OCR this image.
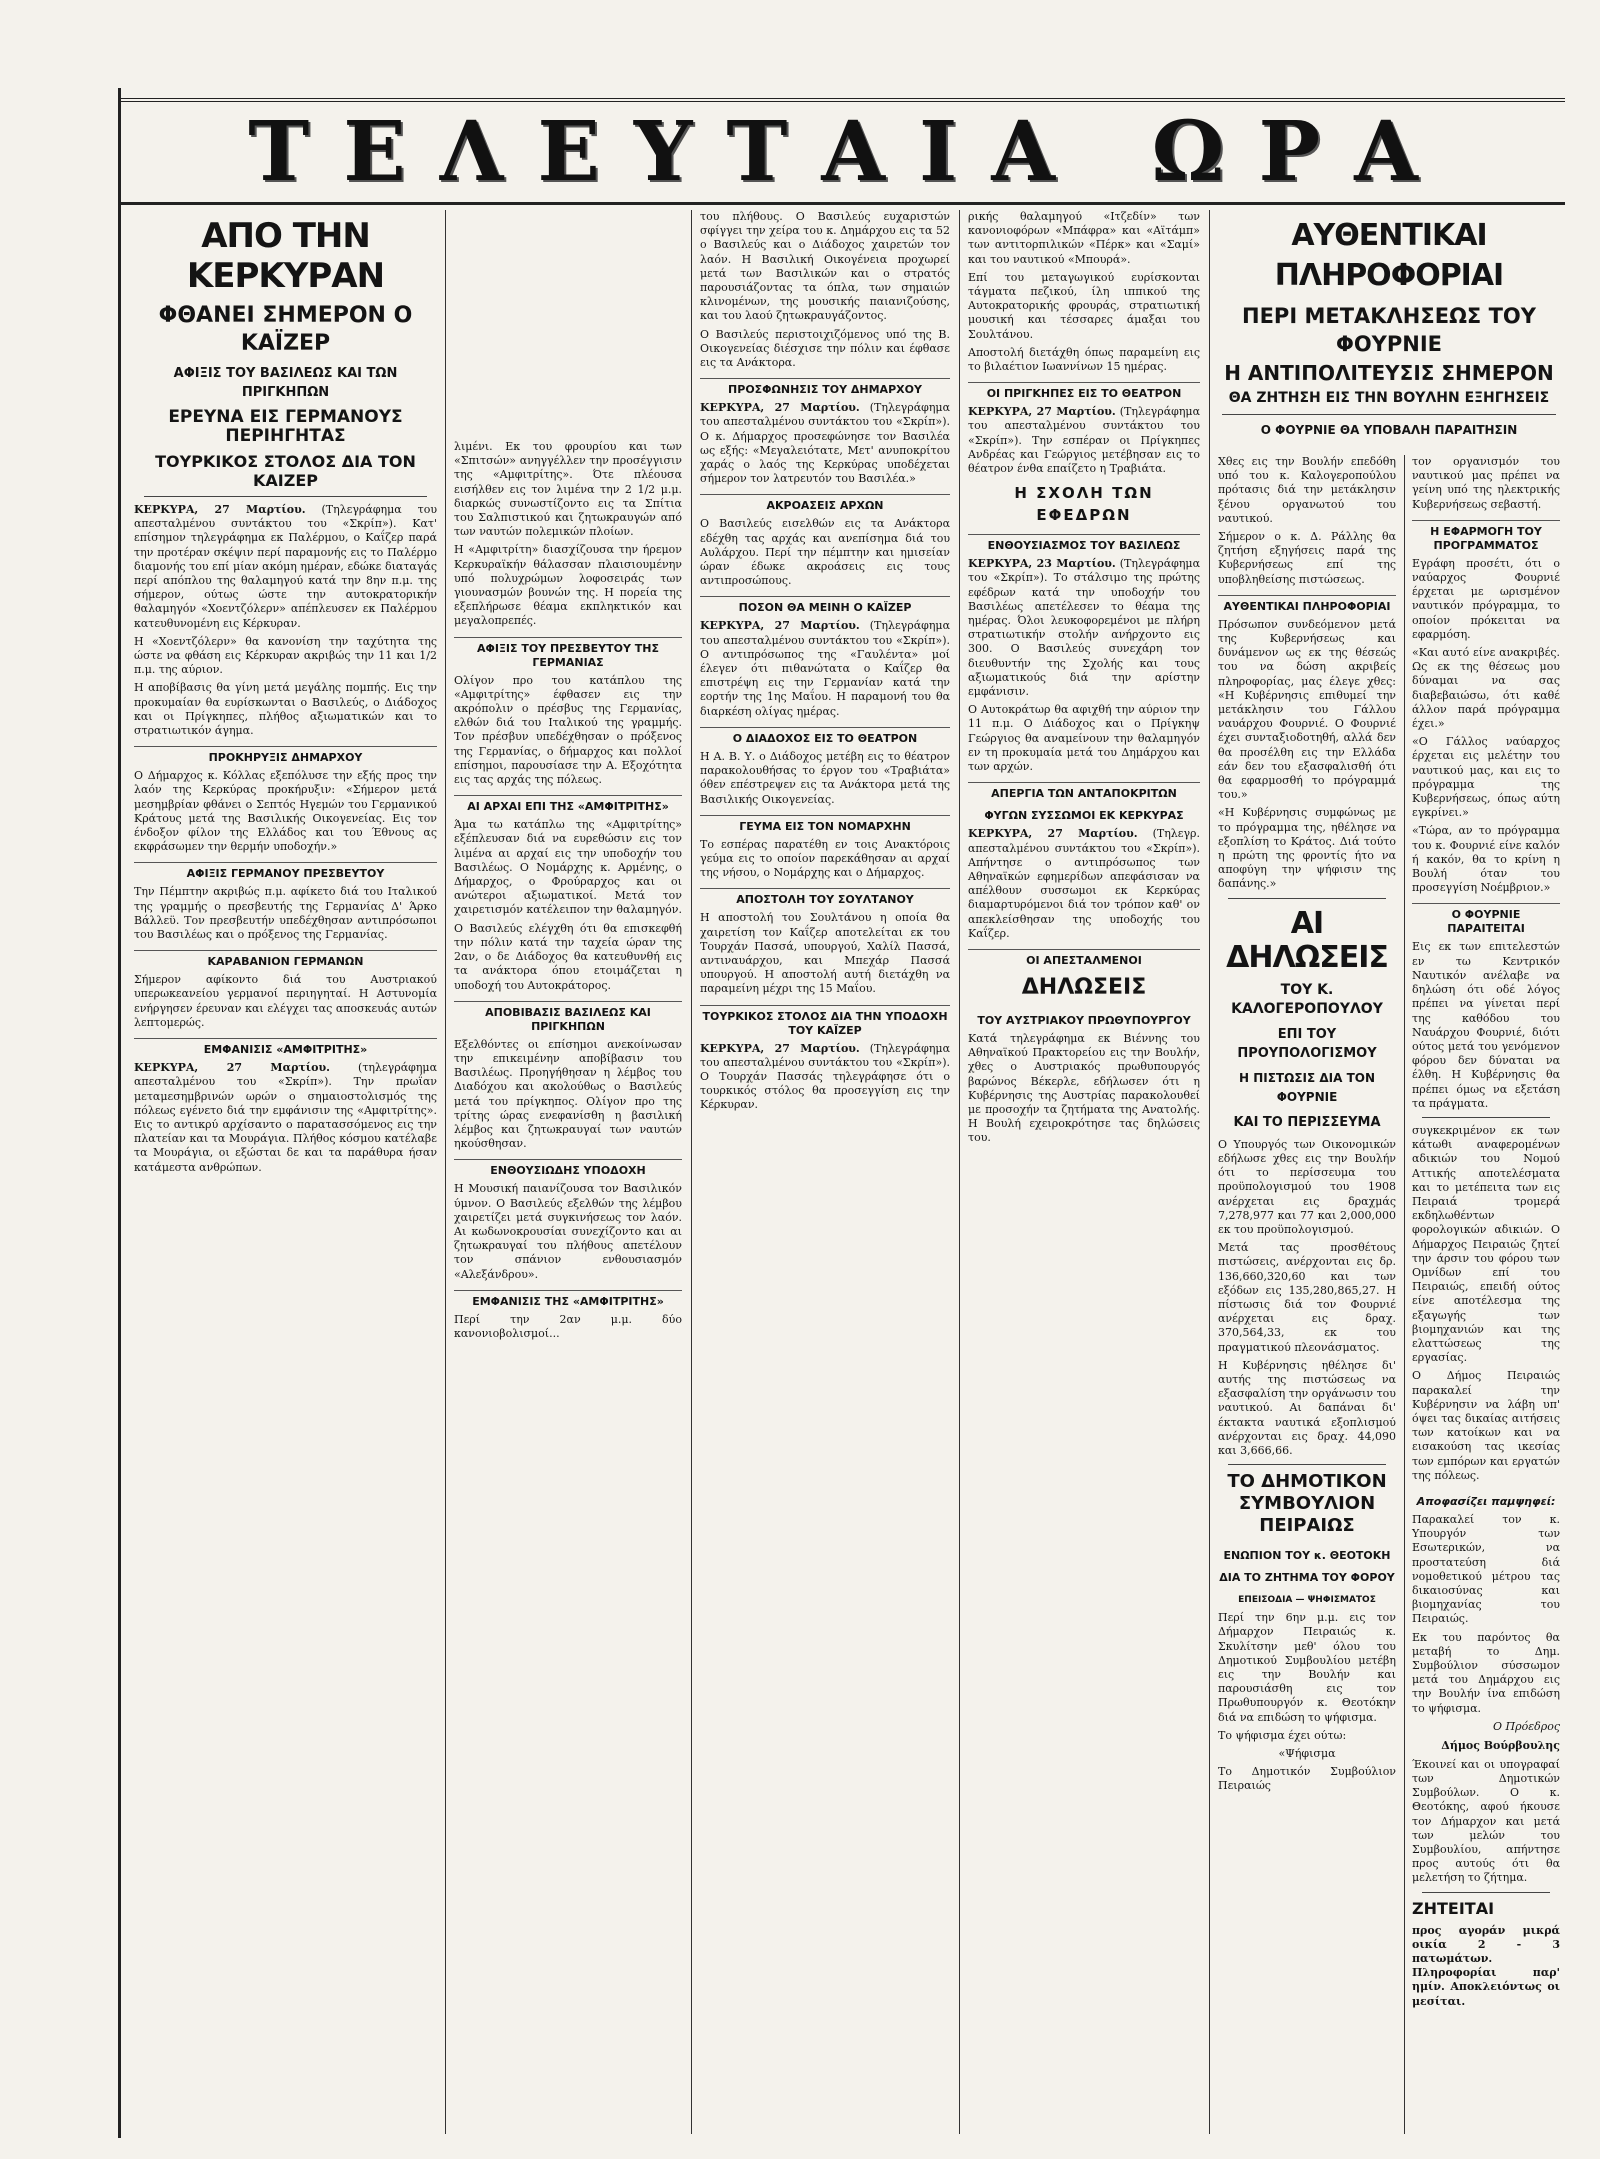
ΤΕΛΕΥΤΑΙΑ ΩΡΑ
ΑΠΟ ΤΗΝ ΚΕΡΚΥΡΑΝ
ΦΘΑΝΕΙ ΣΗΜΕΡΟΝ Ο ΚΑΪΖΕΡ
ΑΦΙΞΙΣ ΤΟΥ ΒΑΣΙΛΕΩΣ ΚΑΙ ΤΩΝ ΠΡΙΓΚΗΠΩΝ
ΕΡΕΥΝΑ ΕΙΣ ΓΕΡΜΑΝΟΥΣ ΠΕΡΙΗΓΗΤΑΣ
ΤΟΥΡΚΙΚΟΣ ΣΤΟΛΟΣ ΔΙΑ ΤΟΝ ΚΑΙΖΕΡ

ΚΕΡΚΥΡΑ, 27 Μαρτίου. (Τηλεγράφημα του απεσταλμένου συντάκτου του «Σκρίπ»). Κατ' επίσημον τηλεγράφημα εκ Παλέρμου, ο Καΐζερ παρά την προτέραν σκέψιν περί παραμονής εις το Παλέρμο διαμονής του επί μίαν ακόμη ημέραν, εδώκε διαταγάς περί απόπλου της θαλαμηγού κατά την 8ην π.μ. της σήμερον, ούτως ώστε την αυτοκρατορικήν θαλαμηγόν «Χοεντζόλερν» απέπλευσεν εκ Παλέρμου κατευθυνομένη εις Κέρκυραν.

Η «Χοεντζόλερν» θα κανονίση την ταχύτητα της ώστε να φθάση εις Κέρκυραν ακριβώς την 11 και 1/2 π.μ. της αύριον.

Η αποβίβασις θα γίνη μετά μεγάλης πομπής. Εις την προκυμαίαν θα ευρίσκωνται ο Βασιλεύς, ο Διάδοχος και οι Πρίγκηπες, πλήθος αξιωματικών και το στρατιωτικόν άγημα.

ΠΡΟΚΗΡΥΞΙΣ ΔΗΜΑΡΧΟΥ

Ο Δήμαρχος κ. Κόλλας εξεπόλυσε την εξής προς την λαόν της Κερκύρας προκήρυξιν: «Σήμερον μετά μεσημβρίαν φθάνει ο Σεπτός Ηγεμών του Γερμανικού Κράτους μετά της Βασιλικής Οικογενείας. Εις τον ένδοξον φίλον της Ελλάδος και του Έθνους ας εκφράσωμεν την θερμήν υποδοχήν.»

ΑΦΙΞΙΣ ΓΕΡΜΑΝΟΥ ΠΡΕΣΒΕΥΤΟΥ

Την Πέμπτην ακριβώς π.μ. αφίκετο διά του Ιταλικού της γραμμής ο πρεσβευτής της Γερμανίας Δ' Άρκο Βάλλεϋ. Τον πρεσβευτήν υπεδέχθησαν αντιπρόσωποι του Βασιλέως και ο πρόξενος της Γερμανίας.

ΚΑΡΑΒΑΝΙΟΝ ΓΕΡΜΑΝΩΝ

Σήμερον αφίκοντο διά του Αυστριακού υπερωκεανείου γερμανοί περιηγηταί. Η Αστυνομία ενήργησεν έρευναν και ελέγχει τας αποσκευάς αυτών λεπτομερώς.

ΕΜΦΑΝΙΣΙΣ «ΑΜΦΙΤΡΙΤΗΣ»

ΚΕΡΚΥΡΑ, 27 Μαρτίου.	(τηλεγράφημα απεσταλμένου του «Σκρίπ»). Την πρωΐαν μεταμεσημβρινών ωρών ο σημαιοστολισμός της πόλεως εγένετο διά την εμφάνισιν της «Αμφιτρίτης». Εις το αντικρύ αρχίσαντο ο παρατασσόμενος εις την πλατείαν και τα Μουράγια. Πλήθος κόσμου κατέλαβε τα Μουράγια, οι εξώσται δε και τα παράθυρα ήσαν κατάμεστα ανθρώπων.

λιμένι. Εκ του φρουρίου και των «Σπιτσών» ανηγγέλλεν την προσέγγισιν της «Αμφιτρίτης». Ότε πλέουσα εισήλθεν εις τον λιμένα την 2 1/2 μ.μ. διαρκώς συνωστίζοντο εις τα Σπίτια του Σαλπιστικού και ζητωκραυγών από των ναυτών πολεμικών πλοίων.

Η «Αμφιτρίτη» διασχίζουσα την ήρεμον Κερκυραϊκήν θάλασσαν πλαισιουμένην υπό πολυχρώμων λοφοσειράς των γιουνασμών βουνών της. Η πορεία της εξεπλήρωσε θέαμα εκπληκτικόν και μεγαλοπρεπές.

ΑΦΙΞΙΣ ΤΟΥ ΠΡΕΣΒΕΥΤΟΥ ΤΗΣ ΓΕΡΜΑΝΙΑΣ

Ολίγον προ του κατάπλου της «Αμφιτρίτης» έφθασεν εις την ακρόπολιν ο πρέσβυς της Γερμανίας, ελθών διά του Ιταλικού της γραμμής. Τον πρέσβυν υπεδέχθησαν ο πρόξενος της Γερμανίας, ο δήμαρχος και πολλοί επίσημοι, παρουσίασε την Α. Εξοχότητα εις τας αρχάς της πόλεως.

ΑΙ ΑΡΧΑΙ ΕΠΙ ΤΗΣ «ΑΜΦΙΤΡΙΤΗΣ»

Άμα τω κατάπλω της «Αμφιτρίτης» εξέπλευσαν διά να ευρεθώσιν εις τον λιμένα αι αρχαί εις την υποδοχήν του Βασιλέως. Ο Νομάρχης κ. Αρμένης, ο Δήμαρχος, ο Φρούραρχος και οι ανώτεροι αξιωματικοί. Μετά τον χαιρετισμόν κατέλειπον την θαλαμηγόν.

Ο Βασιλεύς ελέγχθη ότι θα επισκεφθή την πόλιν κατά την ταχεία ώραν της 2αν, ο δε Διάδοχος θα κατευθυνθή εις τα ανάκτορα όπου ετοιμάζεται η υποδοχή του Αυτοκράτορος.

ΑΠΟΒΙΒΑΣΙΣ ΒΑΣΙΛΕΩΣ ΚΑΙ ΠΡΙΓΚΗΠΩΝ

Εξελθόντες οι επίσημοι ανεκοίνωσαν την επικειμένην αποβίβασιν του Βασιλέως. Προηγήθησαν η λέμβος του Διαδόχου και ακολούθως ο Βασιλεύς μετά του πρίγκηπος. Ολίγον προ της τρίτης ώρας ενεφανίσθη η βασιλική λέμβος και ζητωκραυγαί των ναυτών ηκούσθησαν.

ΕΝΘΟΥΣΙΩΔΗΣ ΥΠΟΔΟΧΗ

Η Μουσική παιανίζουσα τον Βασιλικόν ύμνον. Ο Βασιλεύς εξελθών της λέμβου χαιρετίζει μετά συγκινήσεως τον λαόν. Αι κωδωνοκρουσίαι συνεχίζοντο και αι ζητωκραυγαί του πλήθους απετέλουν τον σπάνιον ενθουσιασμόν «Αλεξάνδρου».

ΕΜΦΑΝΙΣΙΣ ΤΗΣ «ΑΜΦΙΤΡΙΤΗΣ»

Περί την 2αν μ.μ. δύο κανονιοβολισμοί...

του πλήθους. Ο Βασιλεύς ευχαριστών σφίγγει την χείρα του κ. Δημάρχου εις τα 52 ο Βασιλεύς και ο Διάδοχος χαιρετών τον λαόν. Η Βασιλική Οικογένεια προχωρεί μετά των Βασιλικών και ο στρατός παρουσιάζοντας τα όπλα, των σημαιών κλινομένων, της μουσικής παιανιζούσης, και του λαού ζητωκραυγάζοντος.

Ο Βασιλεύς περιστοιχιζόμενος υπό της Β. Οικογενείας διέσχισε την πόλιν και έφθασε εις τα Ανάκτορα.

ΠΡΟΣΦΩΝΗΣΙΣ ΤΟΥ ΔΗΜΑΡΧΟΥ

ΚΕΡΚΥΡΑ, 27 Μαρτίου. (Τηλεγράφημα του απεσταλμένου συντάκτου του «Σκρίπ»). Ο κ. Δήμαρχος προσεφώνησε τον Βασιλέα ως εξής: «Μεγαλειότατε, Μετ' ανυποκρίτου χαράς ο λαός της Κερκύρας υποδέχεται σήμερον τον λατρευτόν του Βασιλέα.»

ΑΚΡΟΑΣΕΙΣ ΑΡΧΩΝ

Ο Βασιλεύς εισελθών εις τα Ανάκτορα εδέχθη τας αρχάς και ανεπίσημα διά του Αυλάρχου. Περί την πέμπτην και ημισείαν ώραν έδωκε ακροάσεις εις τους αντιπροσώπους.

ΠΟΣΟΝ ΘΑ ΜΕΙΝΗ Ο ΚΑΪΖΕΡ

ΚΕΡΚΥΡΑ, 27 Μαρτίου. (Τηλεγράφημα του απεσταλμένου συντάκτου του «Σκρίπ»). Ο αντιπρόσωπος της «Γαυλέντα» μοί έλεγεν ότι πιθανώτατα ο Καΐζερ θα επιστρέψη εις την Γερμανίαν κατά την εορτήν της 1ης Μαΐου. Η παραμονή του θα διαρκέση ολίγας ημέρας.

Ο ΔΙΑΔΟΧΟΣ ΕΙΣ ΤΟ ΘΕΑΤΡΟΝ

Η Α. Β. Υ. ο Διάδοχος μετέβη εις το θέατρον παρακολουθήσας το έργον του «Τραβιάτα» όθεν επέστρεψεν εις τα Ανάκτορα μετά της Βασιλικής Οικογενείας.

ΓΕΥΜΑ ΕΙΣ ΤΟΝ ΝΟΜΑΡΧΗΝ

Το εσπέρας παρατέθη εν τοις Ανακτόροις γεύμα εις το οποίον παρεκάθησαν αι αρχαί της νήσου, ο Νομάρχης και ο Δήμαρχος.

ΑΠΟΣΤΟΛΗ ΤΟΥ ΣΟΥΛΤΑΝΟΥ

Η αποστολή του Σουλτάνου η οποία θα χαιρετίση τον Καΐζερ αποτελείται εκ του Τουρχάν Πασσά, υπουργού, Χαλίλ Πασσά, αντιναυάρχου, και Μπεχάρ Πασσά υπουργού. Η αποστολή αυτή διετάχθη να παραμείνη μέχρι της 15 Μαΐου.

ΤΟΥΡΚΙΚΟΣ ΣΤΟΛΟΣ ΔΙΑ ΤΗΝ ΥΠΟΔΟΧΗ ΤΟΥ ΚΑΪΖΕΡ

ΚΕΡΚΥΡΑ, 27 Μαρτίου. (Τηλεγράφημα του απεσταλμένου συντάκτου του «Σκρίπ»). Ο Τουρχάν Πασσάς τηλεγράφησε ότι ο τουρκικός στόλος θα προσεγγίση εις την Κέρκυραν.

ρικής θαλαμηγού «Ιτζεδίν» των κανονιοφόρων «Μπάφρα» και «Αϊτάμπ» των αντιτορπιλικών «Πέρκ» και «Σαμί» και του ναυτικού «Μπουρά».

Επί του μεταγωγικού ευρίσκονται τάγματα πεζικού, ίλη ιππικού της Αυτοκρατορικής φρουράς, στρατιωτική μουσική και τέσσαρες άμαξαι του Σουλτάνου.

Αποστολή διετάχθη όπως παραμείνη εις το βιλαέτιον Ιωαννίνων 15 ημέρας.

ΟΙ ΠΡΙΓΚΗΠΕΣ ΕΙΣ ΤΟ ΘΕΑΤΡΟΝ

ΚΕΡΚΥΡΑ, 27 Μαρτίου. (Τηλεγράφημα του απεσταλμένου συντάκτου του «Σκρίπ»). Την εσπέραν οι Πρίγκηπες Ανδρέας και Γεώργιος μετέβησαν εις το θέατρον ένθα επαίζετο η Τραβιάτα.

Η ΣΧΟΛΗ ΤΩΝ ΕΦΕΔΡΩΝ
ΕΝΘΟΥΣΙΑΣΜΟΣ ΤΟΥ ΒΑΣΙΛΕΩΣ

ΚΕΡΚΥΡΑ, 23 Μαρτίου. (Τηλεγράφημα του «Σκρίπ»). Το στάλσιμο της πρώτης εφέδρων κατά την υποδοχήν του Βασιλέως απετέλεσεν το θέαμα της ημέρας. Όλοι λευκοφορεμένοι με πλήρη στρατιωτικήν στολήν ανήρχοντο εις 300. Ο Βασιλεύς συνεχάρη τον διευθυντήν της Σχολής και τους αξιωματικούς διά την αρίστην εμφάνισιν.

Ο Αυτοκράτωρ θα αφιχθή την αύριον την 11 π.μ. Ο Διάδοχος και ο Πρίγκηψ Γεώργιος θα αναμείνουν την θαλαμηγόν εν τη προκυμαία μετά του Δημάρχου και των αρχών.

ΑΠΕΡΓΙΑ ΤΩΝ ΑΝΤΑΠΟΚΡΙΤΩΝ
ΦΥΓΩΝ ΣΥΣΣΩΜΟΙ ΕΚ ΚΕΡΚΥΡΑΣ

ΚΕΡΚΥΡΑ, 27 Μαρτίου. (Τηλεγρ. απεσταλμένου συντάκτου του «Σκρίπ»). Απήντησε ο αντιπρόσωπος των Αθηναϊκών εφημερίδων απεφάσισαν να απέλθουν συσσωμοι εκ Κερκύρας διαμαρτυρόμενοι διά τον τρόπον καθ' ον απεκλείσθησαν της υποδοχής του Καΐζερ.

ΟΙ ΑΠΕΣΤΑΛΜΕΝΟΙ
ΔΗΛΩΣΕΙΣ
ΤΟΥ ΑΥΣΤΡΙΑΚΟΥ ΠΡΩΘΥΠΟΥΡΓΟΥ

Κατά τηλεγράφημα εκ Βιέννης του Αθηναϊκού Πρακτορείου εις την Βουλήν, χθες ο Αυστριακός πρωθυπουργός βαρώνος Βέκερλε, εδήλωσεν ότι η Κυβέρνησις της Αυστρίας παρακολουθεί με προσοχήν τα ζητήματα της Ανατολής. Η Βουλή εχειροκρότησε τας δηλώσεις του.

ΑΥΘΕΝΤΙΚΑΙ ΠΛΗΡΟΦΟΡΙΑΙ
ΠΕΡΙ ΜΕΤΑΚΛΗΣΕΩΣ ΤΟΥ ΦΟΥΡΝΙΕ
Η ΑΝΤΙΠΟΛΙΤΕΥΣΙΣ ΣΗΜΕΡΟΝ
ΘΑ ΖΗΤΗΣΗ ΕΙΣ ΤΗΝ ΒΟΥΛΗΝ ΕΞΗΓΗΣΕΙΣ
Ο ΦΟΥΡΝΙΕ ΘΑ ΥΠΟΒΑΛΗ ΠΑΡΑΙΤΗΣΙΝ

Χθες εις την Βουλήν επεδόθη υπό του κ. Καλογεροπούλου πρότασις διά την μετάκλησιν ξένου οργανωτού του ναυτικού.

Σήμερον ο κ. Δ. Ράλλης θα ζητήση εξηγήσεις παρά της Κυβερνήσεως επί της υποβληθείσης πιστώσεως.

ΑΥΘΕΝΤΙΚΑΙ ΠΛΗΡΟΦΟΡΙΑΙ

Πρόσωπον συνδεόμενον μετά της Κυβερνήσεως και δυνάμενον ως εκ της θέσεώς του να δώση ακριβείς πληροφορίας, μας έλεγε χθες: «Η Κυβέρνησις επιθυμεί την μετάκλησιν του Γάλλου ναυάρχου Φουρνιέ. Ο Φουρνιέ έχει συνταξιοδοτηθή, αλλά δεν θα προσέλθη εις την Ελλάδα εάν δεν του εξασφαλισθή ότι θα εφαρμοσθή το πρόγραμμά του.»

«Η Κυβέρνησις συμφώνως με το πρόγραμμα της, ηθέλησε να εξοπλίση το Κράτος. Διά τούτο η πρώτη της φροντίς ήτο να αποφύγη την ψήφισιν της δαπάνης.»

ΑΙ ΔΗΛΩΣΕΙΣ
ΤΟΥ Κ. ΚΑΛΟΓΕΡΟΠΟΥΛΟΥ
ΕΠΙ ΤΟΥ ΠΡΟΥΠΟΛΟΓΙΣΜΟΥ
Η ΠΙΣΤΩΣΙΣ ΔΙΑ ΤΟΝ ΦΟΥΡΝΙΕ
ΚΑΙ ΤΟ ΠΕΡΙΣΣΕΥΜΑ

Ο Υπουργός των Οικονομικών εδήλωσε χθες εις την Βουλήν ότι το περίσσευμα του προϋπολογισμού του 1908 ανέρχεται εις δραχμάς 7,278,977 και 77 και 2,000,000 εκ του προϋπολογισμού.

Μετά τας προσθέτους πιστώσεις, ανέρχονται εις δρ. 136,660,320,60 και των εξόδων εις 135,280,865,27. Η πίστωσις διά τον Φουρνιέ ανέρχεται εις δραχ. 370,564,33, εκ του πραγματικού πλεονάσματος.

Η Κυβέρνησις ηθέλησε δι' αυτής της πιστώσεως να εξασφαλίση την οργάνωσιν του ναυτικού. Αι δαπάναι δι' έκτακτα ναυτικά εξοπλισμού ανέρχονται εις δραχ. 44,090 και 3,666,66.

ΤΟ ΔΗΜΟΤΙΚΟΝ ΣΥΜΒΟΥΛΙΟΝ ΠΕΙΡΑΙΩΣ
ΕΝΩΠΙΟΝ ΤΟΥ κ. ΘΕΟΤΟΚΗ
ΔΙΑ ΤΟ ΖΗΤΗΜΑ ΤΟΥ ΦΟΡΟΥ
ΕΠΕΙΣΟΔΙΑ — ΨΗΦΙΣΜΑΤΟΣ

Περί την 6ην μ.μ. εις τον Δήμαρχον Πειραιώς κ. Σκυλίτσην μεθ' όλου του Δημοτικού Συμβουλίου μετέβη εις την Βουλήν και παρουσιάσθη εις τον Πρωθυπουργόν κ. Θεοτόκην διά να επιδώση το ψήφισμα.

Το ψήφισμα έχει ούτω:

«Ψήφισμα

Το Δημοτικόν Συμβούλιον Πειραιώς

τον οργανισμόν του ναυτικού μας πρέπει να γείνη υπό της ηλεκτρικής Κυβερνήσεως σεβαστή.

Η ΕΦΑΡΜΟΓΗ ΤΟΥ ΠΡΟΓΡΑΜΜΑΤΟΣ

Εγράφη προσέτι, ότι ο ναύαρχος Φουρνιέ έρχεται με ωρισμένον ναυτικόν πρόγραμμα, το οποίον πρόκειται να εφαρμόση.

«Και αυτό είνε ανακριβές. Ως εκ της θέσεως μου δύναμαι να σας διαβεβαιώσω, ότι καθέ άλλον παρά πρόγραμμα έχει.»

«Ο Γάλλος ναύαρχος έρχεται εις μελέτην του ναυτικού μας, και εις το πρόγραμμα της Κυβερνήσεως, όπως αύτη εγκρίνει.»

«Τώρα, αν το πρόγραμμα του κ. Φουρνιέ είνε καλόν ή κακόν, θα το κρίνη η Βουλή όταν του προσεγγίση Νοέμβριον.»

Ο ΦΟΥΡΝΙΕ ΠΑΡΑΙΤΕΙΤΑΙ

Εις εκ των επιτελεστών εν τω Κεντρικόν Ναυτικόν ανέλαβε να δηλώση ότι οδέ λόγος πρέπει να γίνεται περί της καθόδου του Ναυάρχου Φουρνιέ, διότι ούτος μετά του γενόμενον φόρου δεν δύναται να έλθη. Η Κυβέρνησις θα πρέπει όμως να εξετάση τα πράγματα.

συγκεκριμένον εκ των κάτωθι αναφερομένων αδικιών του Νομού Αττικής αποτελέσματα και το μετέπειτα των εις Πειραιά τρομερά εκδηλωθέντων φορολογικών αδικιών. Ο Δήμαρχος Πειραιώς ζητεί την άρσιν του φόρου των Ομνίδων επί του Πειραιώς, επειδή ούτος είνε αποτέλεσμα της εξαγωγής των βιομηχανιών και της ελαττώσεως της εργασίας.

Ο Δήμος Πειραιώς παρακαλεί την Κυβέρνησιν να λάβη υπ' όψει τας δικαίας αιτήσεις των κατοίκων και να εισακούση τας ικεσίας των εμπόρων και εργατών της πόλεως.

Αποφασίζει παμψηφεί:

Παρακαλεί τον κ. Υπουργόν των Εσωτερικών, να προστατεύση διά νομοθετικού μέτρου τας δικαιοσύνας και βιομηχανίας του Πειραιώς.

Εκ του παρόντος θα μεταβή το Δημ. Συμβούλιον σύσσωμον μετά του Δημάρχου εις την Βουλήν ίνα επιδώση το ψήφισμα.

Ο Πρόεδρος
Δήμος Βούρβουλης

Έκοινεί και οι υπογραφαί των Δημοτικών Συμβούλων. Ο κ. Θεοτόκης, αφού ήκουσε τον Δήμαρχον και μετά των μελών του Συμβουλίου, απήντησε προς αυτούς ότι θα μελετήση το ζήτημα.

ΖΗΤΕΙΤΑΙ

προς αγοράν μικρά οικία 2 - 3 πατωμάτων. Πληροφορίαι παρ' ημίν. Αποκλειόντως οι μεσίται.
